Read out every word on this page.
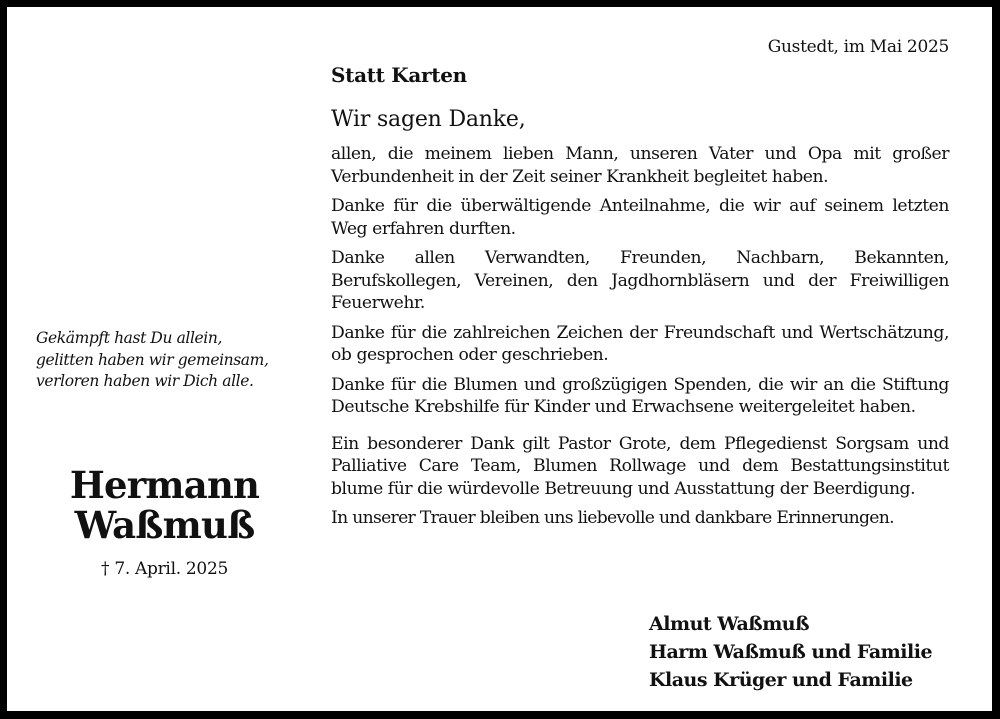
Gustedt, im Mai 2025
Statt Karten
Wir sagen Danke,

allen, die meinem lieben Mann, unseren Vater und Opa mit großer Verbundenheit in der Zeit seiner Krankheit begleitet haben.

Danke für die überwältigende Anteilnahme, die wir auf seinem letzten Weg erfahren durften.

Danke allen Verwandten, Freunden, Nachbarn, Bekannten, Berufskollegen, Vereinen, den Jagdhornbläsern und der Freiwilligen Feuerwehr.

Danke für die zahlreichen Zeichen der Freundschaft und Wertschätzung, ob gesprochen oder geschrieben.

Danke für die Blumen und großzügigen Spenden, die wir an die Stiftung Deutsche Krebshilfe für Kinder und Erwachsene weitergeleitet haben.

Ein besonderer Dank gilt Pastor Grote, dem Pflegedienst Sorgsam und Palliative Care Team, Blumen Rollwage und dem Bestattungsinstitut blume für die würdevolle Betreuung und Ausstattung der Beerdigung.

In unserer Trauer bleiben uns liebevolle und dankbare Erinnerungen.

Gekämpft hast Du allein,
gelitten haben wir gemeinsam,
verloren haben wir Dich alle.
Hermann
Waßmuß
† 7. April. 2025
Almut Waßmuß
Harm Waßmuß und Familie
Klaus Krüger und Familie
